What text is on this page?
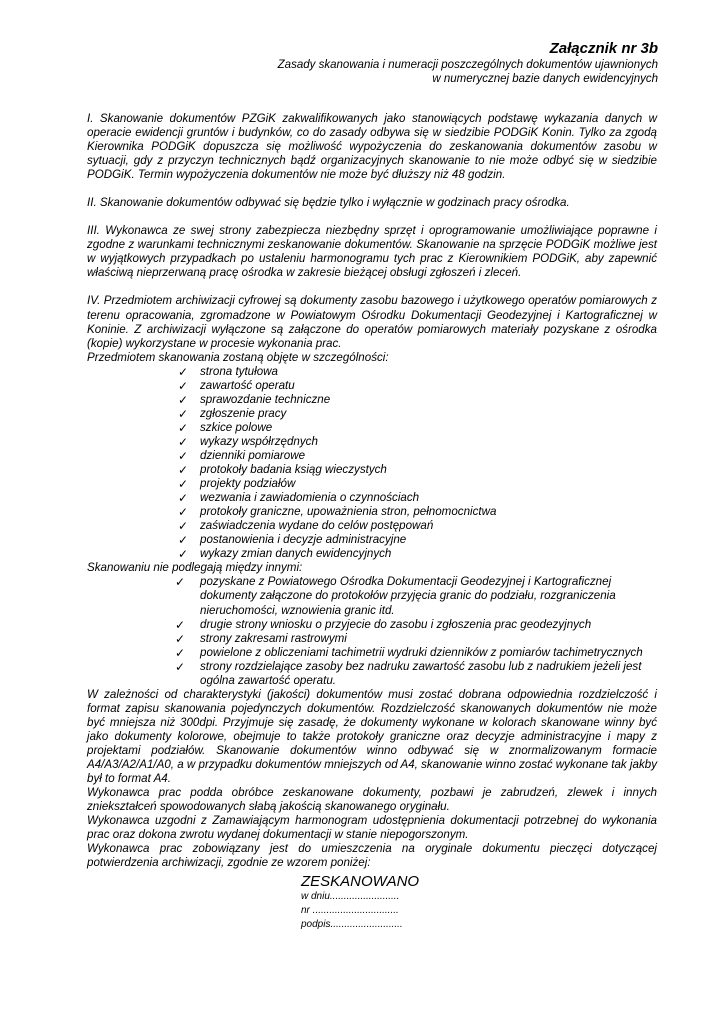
Załącznik nr 3b
Zasady skanowania i numeracji poszczególnych dokumentów ujawnionych
w numerycznej bazie danych ewidencyjnych

I. Skanowanie dokumentów PZGiK zakwalifikowanych jako stanowiących podstawę wykazania danych w operacie ewidencji gruntów i budynków, co do zasady odbywa się w siedzibie PODGiK Konin. Tylko za zgodą Kierownika PODGiK dopuszcza się możliwość wypożyczenia do zeskanowania dokumentów zasobu w sytuacji, gdy z przyczyn technicznych bądź organizacyjnych skanowanie to nie może odbyć się w siedzibie PODGiK. Termin wypożyczenia dokumentów nie może być dłuższy niż 48 godzin.

II. Skanowanie dokumentów odbywać się będzie tylko i wyłącznie w godzinach pracy ośrodka.

III. Wykonawca ze swej strony zabezpiecza niezbędny sprzęt i oprogramowanie umożliwiające poprawne i zgodne z warunkami technicznymi zeskanowanie dokumentów. Skanowanie na sprzęcie PODGiK możliwe jest w wyjątkowych przypadkach po ustaleniu harmonogramu tych prac z Kierownikiem PODGiK, aby zapewnić właściwą nieprzerwaną pracę ośrodka w zakresie bieżącej obsługi zgłoszeń i zleceń.

IV. Przedmiotem archiwizacji cyfrowej są dokumenty zasobu bazowego i użytkowego operatów pomiarowych z terenu opracowania, zgromadzone w Powiatowym Ośrodku Dokumentacji Geodezyjnej i Kartograficznej w Koninie. Z archiwizacji wyłączone są załączone do operatów pomiarowych materiały pozyskane z ośrodka (kopie) wykorzystane w procesie wykonania prac.

Przedmiotem skanowania zostaną objęte w szczególności:

✓ strona tytułowa
✓ zawartość operatu
✓ sprawozdanie techniczne
✓ zgłoszenie pracy
✓ szkice polowe
✓ wykazy współrzędnych
✓ dzienniki pomiarowe
✓ protokoły badania ksiąg wieczystych
✓ projekty podziałów
✓ wezwania i zawiadomienia o czynnościach
✓ protokoły graniczne, upoważnienia stron, pełnomocnictwa
✓ zaświadczenia wydane do celów postępowań
✓ postanowienia i decyzje administracyjne
✓ wykazy zmian danych ewidencyjnych

Skanowaniu nie podlegają między innymi:

✓ pozyskane z Powiatowego Ośrodka Dokumentacji Geodezyjnej i Kartograficznej dokumenty załączone do protokołów przyjęcia granic do podziału, rozgraniczenia nieruchomości, wznowienia granic itd.
✓ drugie strony wniosku o przyjecie do zasobu i zgłoszenia prac geodezyjnych
✓ strony zakresami rastrowymi
✓ powielone z obliczeniami tachimetrii wydruki dzienników z pomiarów tachimetrycznych
✓ strony rozdzielające zasoby bez nadruku zawartość zasobu lub z nadrukiem jeżeli jest ogólna zawartość operatu.

W zależności od charakterystyki (jakości) dokumentów musi zostać dobrana odpowiednia rozdzielczość i format zapisu skanowania pojedynczych dokumentów. Rozdzielczość skanowanych dokumentów nie może być mniejsza niż 300dpi. Przyjmuje się zasadę, że dokumenty wykonane w kolorach skanowane winny być jako dokumenty kolorowe, obejmuje to także protokoły graniczne oraz decyzje administracyjne i mapy z projektami podziałów. Skanowanie dokumentów winno odbywać się w znormalizowanym formacie A4/A3/A2/A1/A0, a w przypadku dokumentów mniejszych od A4, skanowanie winno zostać wykonane tak jakby był to format A4.

Wykonawca prac podda obróbce zeskanowane dokumenty, pozbawi je zabrudzeń, zlewek i innych zniekształceń spowodowanych słabą jakością skanowanego oryginału.

Wykonawca uzgodni z Zamawiającym harmonogram udostępnienia dokumentacji potrzebnej do wykonania prac oraz dokona zwrotu wydanej dokumentacji w stanie niepogorszonym.

Wykonawca prac zobowiązany jest do umieszczenia na oryginale dokumentu pieczęci dotyczącej potwierdzenia archiwizacji, zgodnie ze wzorem poniżej:

ZESKANOWANO
w dniu.........................
nr ...............................
podpis..........................
